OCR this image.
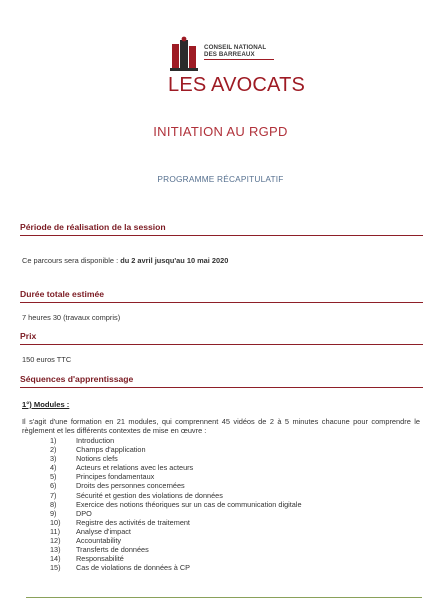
CONSEIL NATIONAL
DES BARREAUX
LES AVOCATS
INITIATION AU RGPD
PROGRAMME RÉCAPITULATIF
Période de réalisation de la session
Ce parcours sera disponible : du 2 avril jusqu'au 10 mai 2020
Durée totale estimée
7 heures 30 (travaux compris)
Prix
150 euros TTC
Séquences d'apprentissage
1°) Modules :
Il s'agit d'une formation en 21 modules, qui comprennent 45 vidéos de 2 à 5 minutes chacune pour comprendre le règlement et les différents contextes de mise en œuvre :
1)	Introduction
2)	Champs d'application
3)	Notions clefs
4)	Acteurs et relations avec les acteurs
5)	Principes fondamentaux
6)	Droits des personnes concernées
7)	Sécurité et gestion des violations de données
8)	Exercice des notions théoriques sur un cas de communication digitale
9)	DPO
10) Registre des activités de traitement
11) Analyse d'impact
12) Accountability
13) Transferts de données
14) Responsabilité
15) Cas de violations de données à CP
